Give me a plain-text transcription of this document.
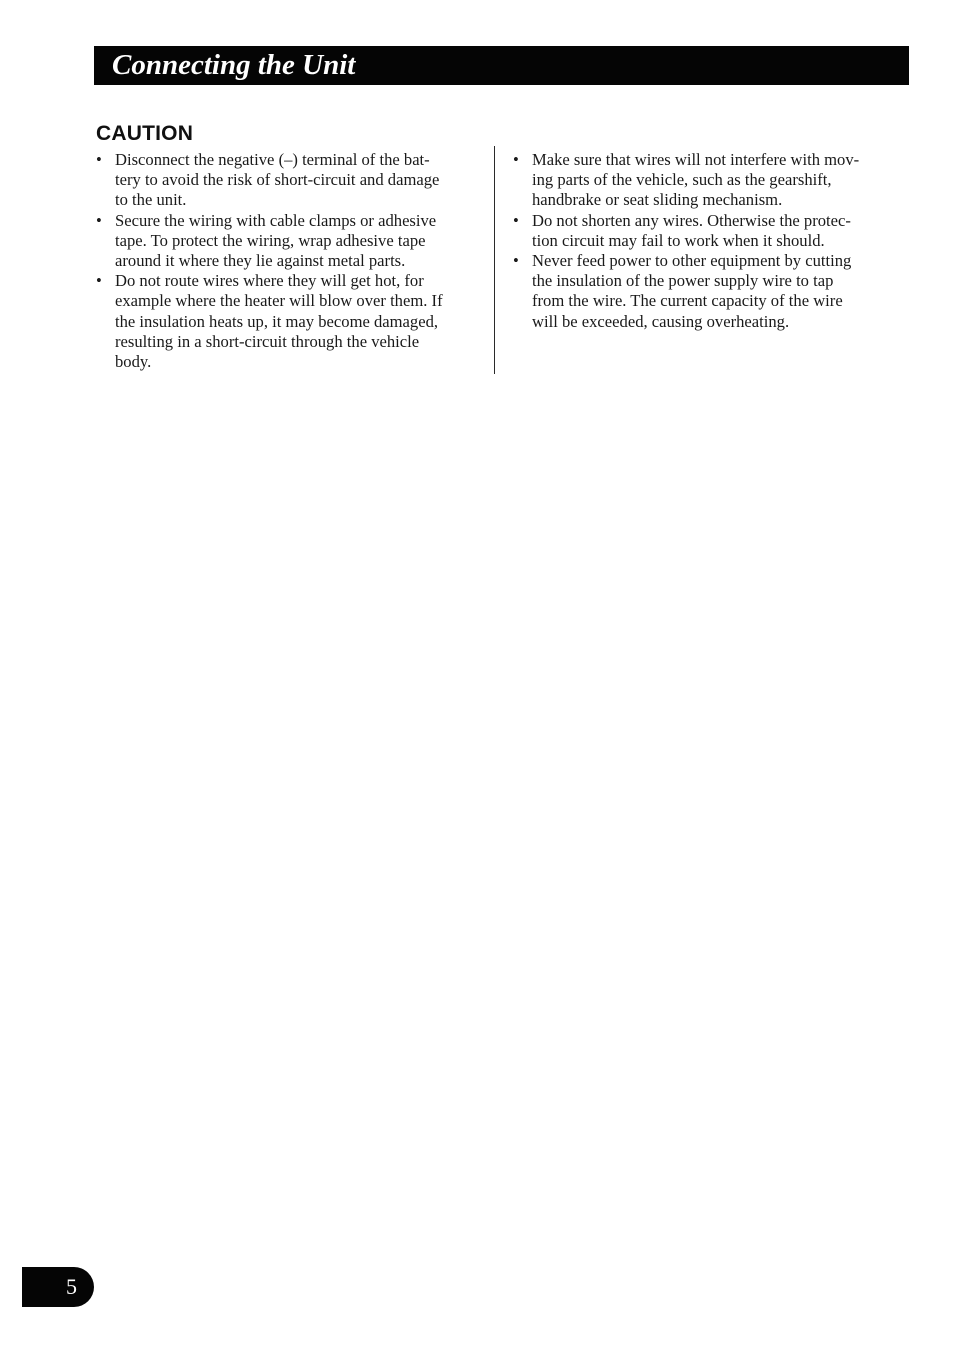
Connecting the Unit
CAUTION
• Disconnect the negative (–) terminal of the bat-
tery to avoid the risk of short-circuit and damage
to the unit.
• Secure the wiring with cable clamps or adhesive
tape. To protect the wiring, wrap adhesive tape
around it where they lie against metal parts.
• Do not route wires where they will get hot, for
example where the heater will blow over them. If
the insulation heats up, it may become damaged,
resulting in a short-circuit through the vehicle
body.
• Make sure that wires will not interfere with mov-
ing parts of the vehicle, such as the gearshift,
handbrake or seat sliding mechanism.
• Do not shorten any wires. Otherwise the protec-
tion circuit may fail to work when it should.
• Never feed power to other equipment by cutting
the insulation of the power supply wire to tap
from the wire. The current capacity of the wire
will be exceeded, causing overheating.
5
